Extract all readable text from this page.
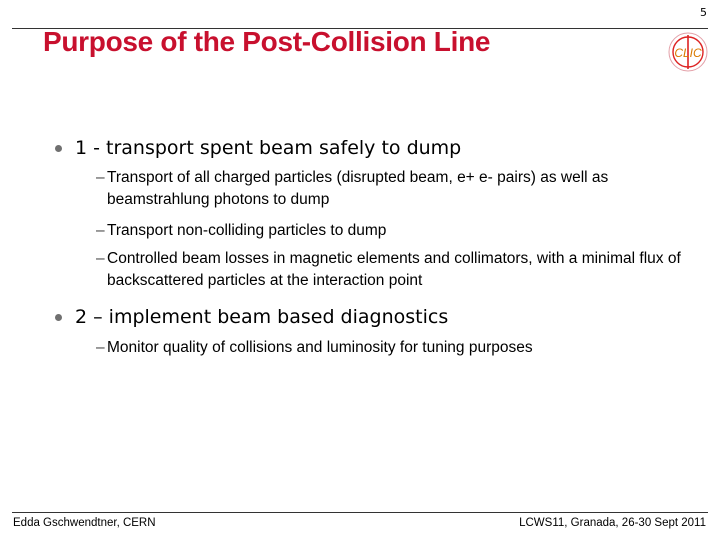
5
Purpose of the Post-Collision Line	CLIC
1 - transport spent beam safely to dump
– Transport of all charged particles (disrupted beam, e+ e- pairs) as well as beamstrahlung photons to dump
– Transport non-colliding particles to dump
– Controlled beam losses in magnetic elements and collimators, with a minimal flux of backscattered particles at the interaction point
2 – implement beam based diagnostics
– Monitor quality of collisions and luminosity for tuning purposes
Edda Gschwendtner, CERN	LCWS11, Granada, 26-30 Sept 2011
